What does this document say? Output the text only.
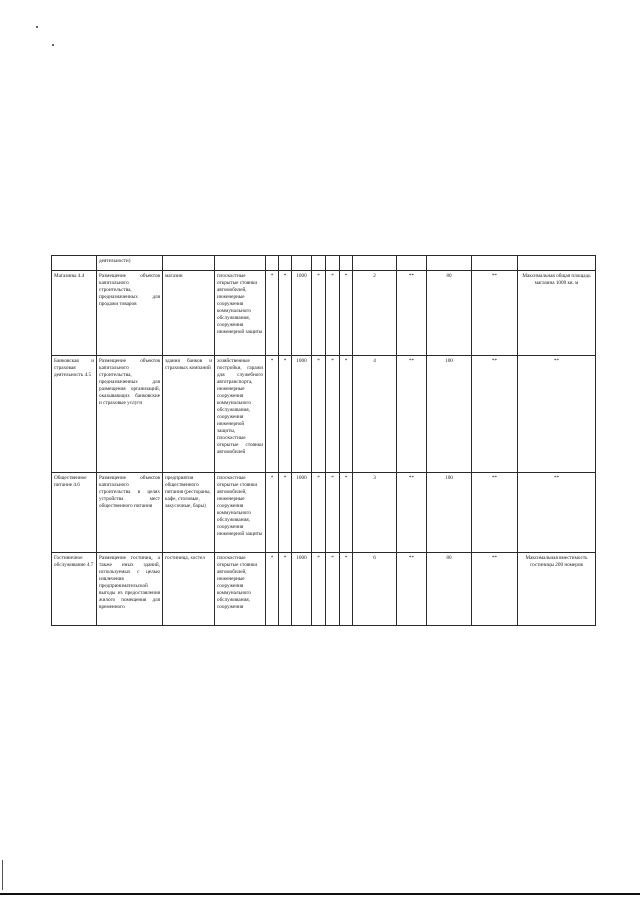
	деятельности)													
Магазины 4.4	Размещение объектов капитального строительства, предназначенных для продажи товаров	магазин	плоскостные открытые стоянки автомобилей, инженерные сооружения коммунального обслуживания, сооружения инженерной защиты	*	*	1000	*	*	*	2	**	80	**	Максимальная общая площадь магазина 1000 кв. м
Банковская и страховая деятельность 4.5	Размещение объектов капитального строительства, предназначенных для размещения организаций, оказывающих банковские и страховые услуги	здания банков и страховых компаний	хозяйственные постройки, гаражи для служебного автотранспорта, инженерные сооружения коммунального обслуживания, сооружения инженерной защиты, плоскостные открытые стоянки автомобилей	*	*	1000	*	*	*	4	**	100	**	**
Общественное питание 4.6	Размещение объектов капитального строительства в целях устройства мест общественного питания	предприятия общественного питания (рестораны, кафе, столовые, закусочные, бары)	плоскостные открытые стоянки автомобилей, инженерные сооружения коммунального обслуживания, сооружения инженерной защиты	*	*	1000	*	*	*	3	**	100	**	**
Гостиничное обслуживание 4.7	Размещение гостиниц, а также иных зданий, используемых с целью извлечения предпринимательской выгоды из предоставления жилого помещения для временного	гостиница, хостел	плоскостные открытые стоянки автомобилей, инженерные сооружения коммунального обслуживания, сооружения	*	*	1000	*	*	*	6	**	80	**	Максимальная вместимость гостиницы 200 номеров
